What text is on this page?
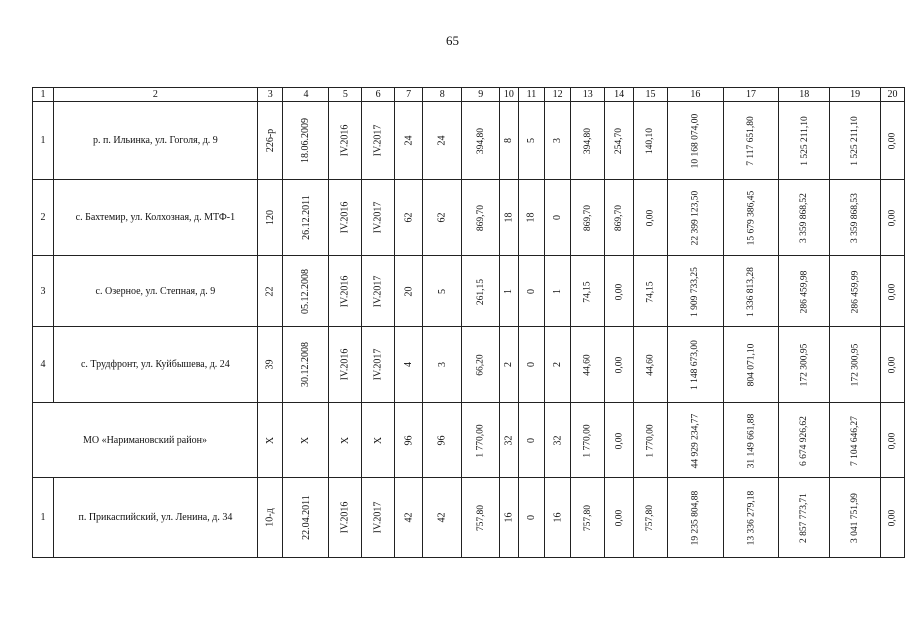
65
1	2	3	4	5	6	7	8	9	10	11	12	13	14	15	16	17	18	19	20
1	р. п. Ильинка, ул. Гоголя, д. 9	226-р	18.06.2009	IV.2016	IV.2017	24	24	394,80	8	5	3	394,80	254,70	140,10	10 168 074,00	7 117 651,80	1 525 211,10	1 525 211,10	0,00
2	с. Бахтемир, ул. Колхозная, д. МТФ-1	120	26.12.2011	IV.2016	IV.2017	62	62	869,70	18	18	0	869,70	869,70	0,00	22 399 123,50	15 679 386,45	3 359 868,52	3 359 868,53	0,00
3	с. Озерное, ул. Степная, д. 9	22	05.12.2008	IV.2016	IV.2017	20	5	261,15	1	0	1	74,15	0,00	74,15	1 909 733,25	1 336 813,28	286 459,98	286 459,99	0,00
4	с. Трудфронт, ул. Куйбышева, д. 24	39	30.12.2008	IV.2016	IV.2017	4	3	66,20	2	0	2	44,60	0,00	44,60	1 148 673,00	804 071,10	172 300,95	172 300,95	0,00
МО «Наримановский район»		X	X	X	X	96	96	1 770,00	32	0	32	1 770,00	0,00	1 770,00	44 929 234,77	31 149 661,88	6 674 926,62	7 104 646,27	0,00
1	п. Прикаспийский, ул. Ленина, д. 34	10-д	22.04.2011	IV.2016	IV.2017	42	42	757,80	16	0	16	757,80	0,00	757,80	19 235 804,88	13 336 279,18	2 857 773,71	3 041 751,99	0,00
